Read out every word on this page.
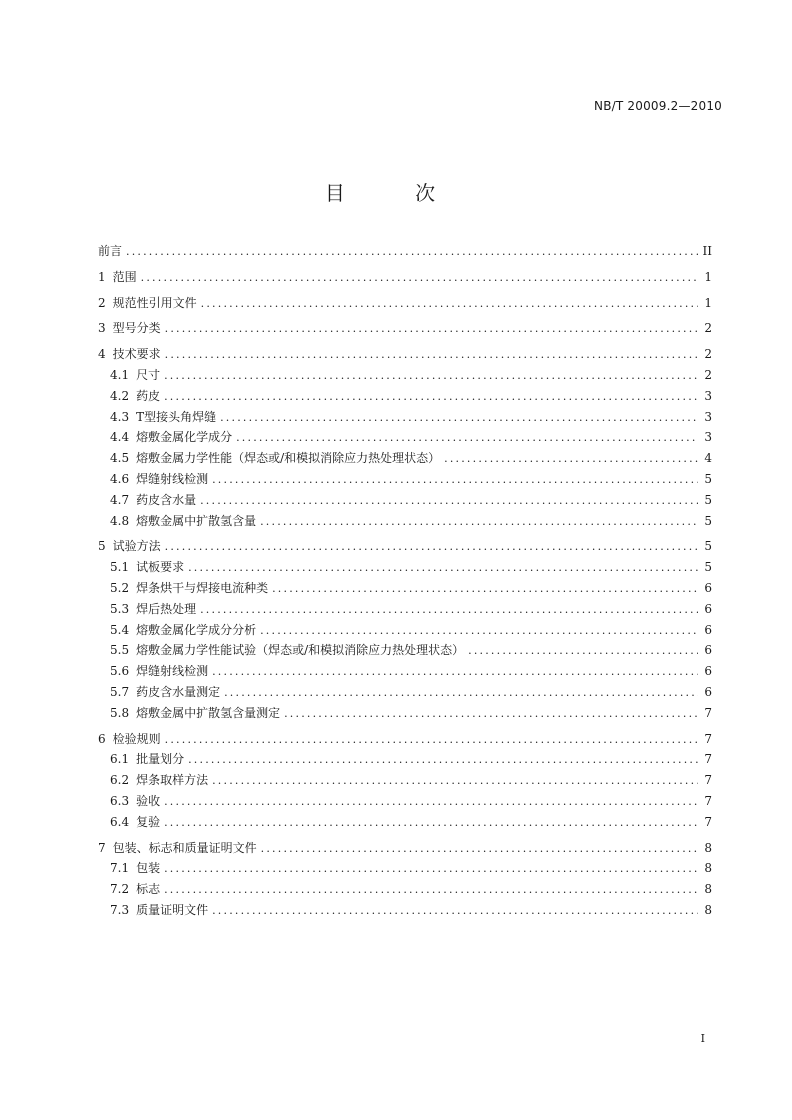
NB/T 20009.2—2010
目 次
前言 .....	II
1 范围 .....	1
2 规范性引用文件 .....	1
3 型号分类 .....	2
4 技术要求 .....	2
4.1 尺寸 .....	2
4.2 药皮 .....	3
4.3 T型接头角焊缝 .....	3
4.4 熔敷金属化学成分 .....	3
4.5 熔敷金属力学性能（焊态或/和模拟消除应力热处理状态） .....	4
4.6 焊缝射线检测 .....	5
4.7 药皮含水量 .....	5
4.8 熔敷金属中扩散氢含量 .....	5
5 试验方法 .....	5
5.1 试板要求 .....	5
5.2 焊条烘干与焊接电流种类 .....	6
5.3 焊后热处理 .....	6
5.4 熔敷金属化学成分分析 .....	6
5.5 熔敷金属力学性能试验（焊态或/和模拟消除应力热处理状态） .....	6
5.6 焊缝射线检测 .....	6
5.7 药皮含水量测定 .....	6
5.8 熔敷金属中扩散氢含量测定 .....	7
6 检验规则 .....	7
6.1 批量划分 .....	7
6.2 焊条取样方法 .....	7
6.3 验收 .....	7
6.4 复验 .....	7
7 包装、标志和质量证明文件 .....	8
7.1 包装 .....	8
7.2 标志 .....	8
7.3 质量证明文件 .....	8
I
